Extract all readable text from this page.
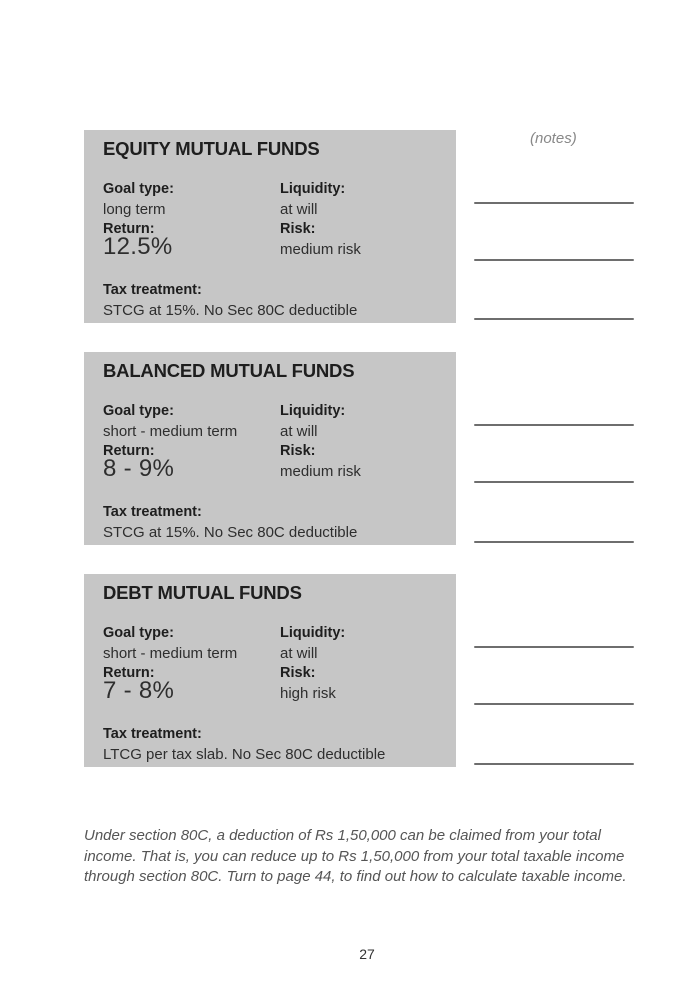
(notes)
EQUITY MUTUAL FUNDS
Goal type:
long term
Return:
12.5%
Liquidity:
at will
Risk:
medium risk
Tax treatment:
STCG at 15%. No Sec 80C deductible
BALANCED MUTUAL FUNDS
Goal type:
short - medium term
Return:
8 - 9%
Liquidity:
at will
Risk:
medium risk
Tax treatment:
STCG at 15%. No Sec 80C deductible
DEBT MUTUAL FUNDS
Goal type:
short - medium term
Return:
7 - 8%
Liquidity:
at will
Risk:
high risk
Tax treatment:
LTCG per tax slab. No Sec 80C deductible
Under section 80C, a deduction of Rs 1,50,000 can be claimed from your total income. That is, you can reduce up to Rs 1,50,000 from your total taxable income through section 80C. Turn to page 44, to find out how to calculate taxable income.
27
